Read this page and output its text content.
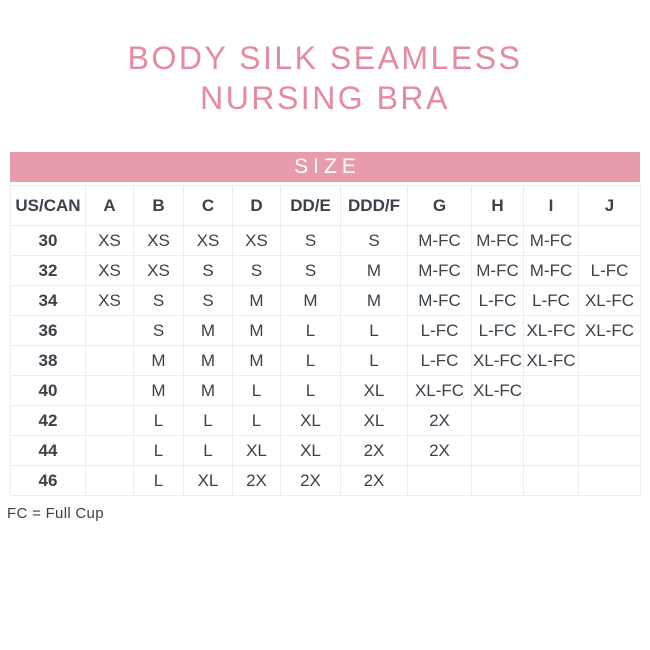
BODY SILK SEAMLESS
NURSING BRA
SIZE
US/CAN	A	B	C	D	DD/E	DDD/F	G	H	I	J
30	XS	XS	XS	XS	S	S	M-FC	M-FC	M-FC	
32	XS	XS	S	S	S	M	M-FC	M-FC	M-FC	L-FC
34	XS	S	S	M	M	M	M-FC	L-FC	L-FC	XL-FC
36		S	M	M	L	L	L-FC	L-FC	XL-FC	XL-FC
38		M	M	M	L	L	L-FC	XL-FC	XL-FC	
40		M	M	L	L	XL	XL-FC	XL-FC		
42		L	L	L	XL	XL	2X			
44		L	L	XL	XL	2X	2X			
46		L	XL	2X	2X	2X				
FC = Full Cup
